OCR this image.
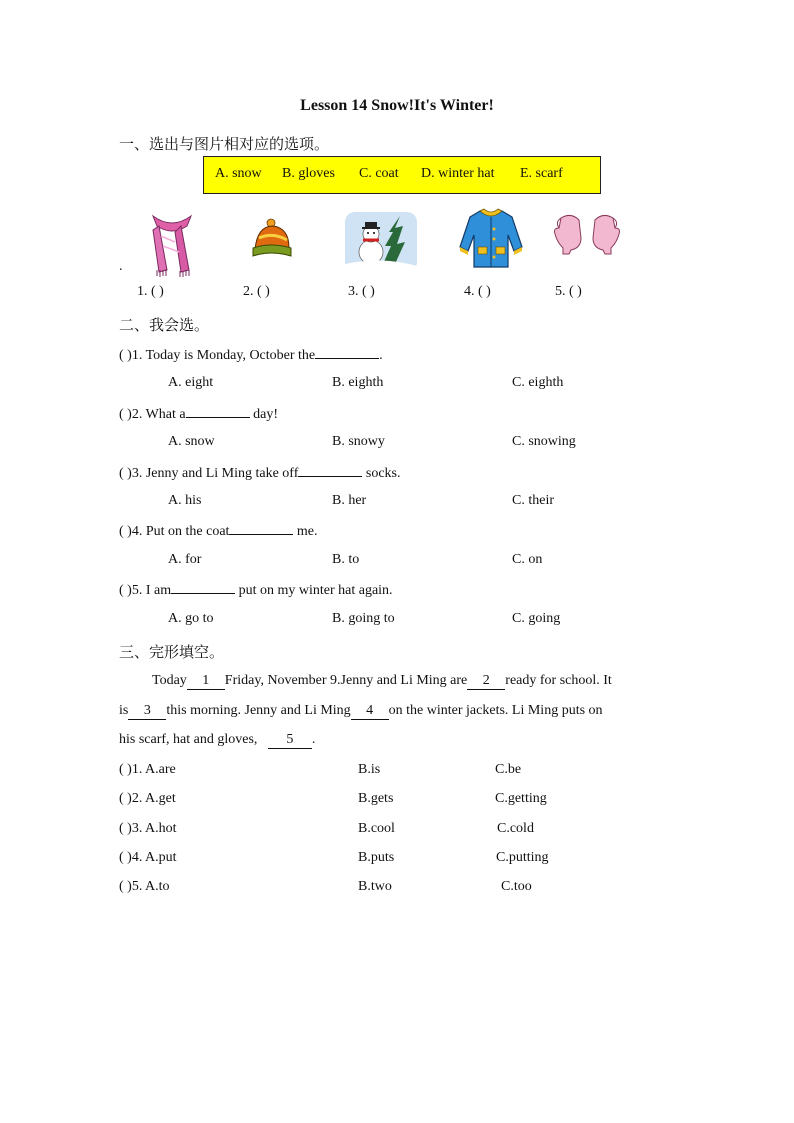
Lesson 14 Snow!It's Winter!
一、选出与图片相对应的选项。
A. snow B. gloves C. coat D. winter hat E. scarf
.
1. ( )	2. ( )	3. ( )	4. ( )	5. ( )
二、我会选。
( )1. Today is Monday, October the	.
A. eight	B. eighth	C. eighth
( )2. What a	day!
A. snow	B. snowy	C. snowing
( )3. Jenny and Li Ming take off	socks.
A. his	B. her	C. their
( )4. Put on the coat	me.
A. for	B. to	C. on
( )5. I am	put on my winter hat again.
A. go to	B. going to	C. going
三、完形填空。
Today 1 Friday, November 9.Jenny and Li Ming are 2 ready for school. It
is 3 this morning. Jenny and Li Ming 4 on the winter jackets. Li Ming puts on
his scarf, hat and gloves, 5 .
( )1. A.are	B.is	C.be
( )2. A.get	B.gets	C.getting
( )3. A.hot	B.cool	C.cold
( )4. A.put	B.puts	C.putting
( )5. A.to	B.two	C.too
